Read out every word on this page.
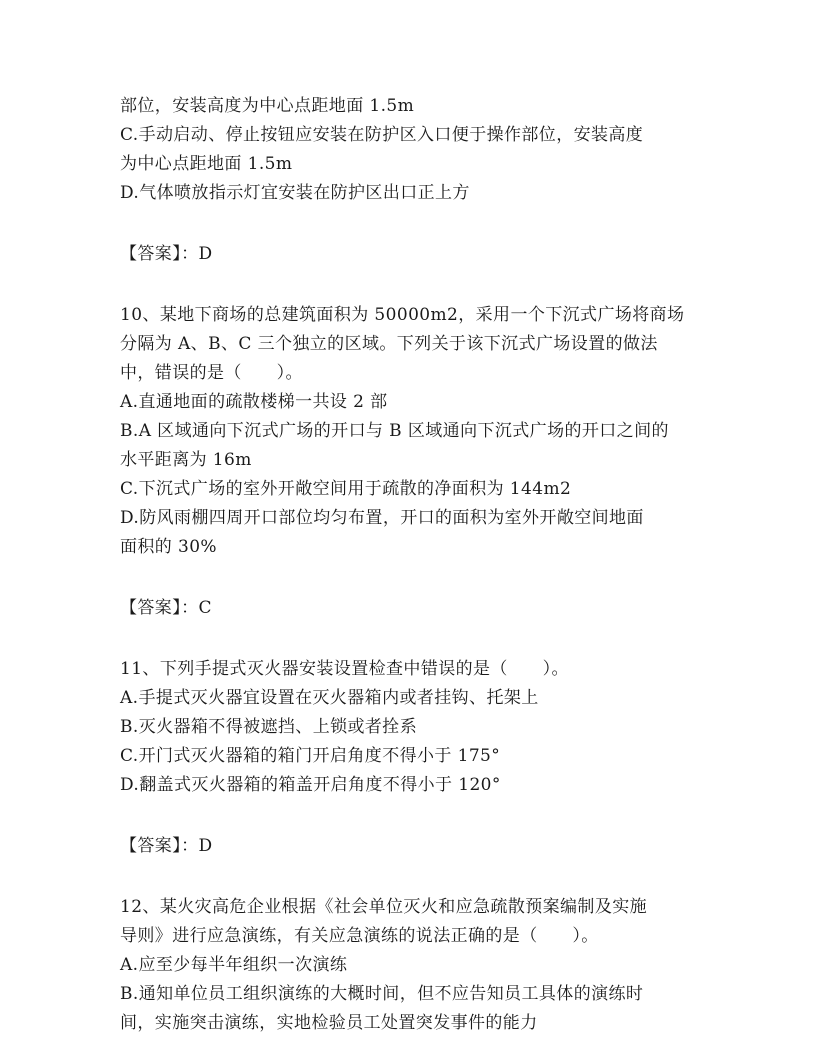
部位，安装高度为中心点距地面 1.5m
C.手动启动、停止按钮应安装在防护区入口便于操作部位，安装高度
为中心点距地面 1.5m
D.气体喷放指示灯宜安装在防护区出口正上方
【答案】：D
10、某地下商场的总建筑面积为 50000m2，采用一个下沉式广场将商场
分隔为 A、B、C 三个独立的区域。下列关于该下沉式广场设置的做法
中，错误的是（　　）。
A.直通地面的疏散楼梯一共设 2 部
B.A 区域通向下沉式广场的开口与 B 区域通向下沉式广场的开口之间的
水平距离为 16m
C.下沉式广场的室外开敞空间用于疏散的净面积为 144m2
D.防风雨棚四周开口部位均匀布置，开口的面积为室外开敞空间地面
面积的 30%
【答案】：C
11、下列手提式灭火器安装设置检查中错误的是（　　）。
A.手提式灭火器宜设置在灭火器箱内或者挂钩、托架上
B.灭火器箱不得被遮挡、上锁或者拴系
C.开门式灭火器箱的箱门开启角度不得小于 175°
D.翻盖式灭火器箱的箱盖开启角度不得小于 120°
【答案】：D
12、某火灾高危企业根据《社会单位灭火和应急疏散预案编制及实施
导则》进行应急演练，有关应急演练的说法正确的是（　　）。
A.应至少每半年组织一次演练
B.通知单位员工组织演练的大概时间，但不应告知员工具体的演练时
间，实施突击演练，实地检验员工处置突发事件的能力
